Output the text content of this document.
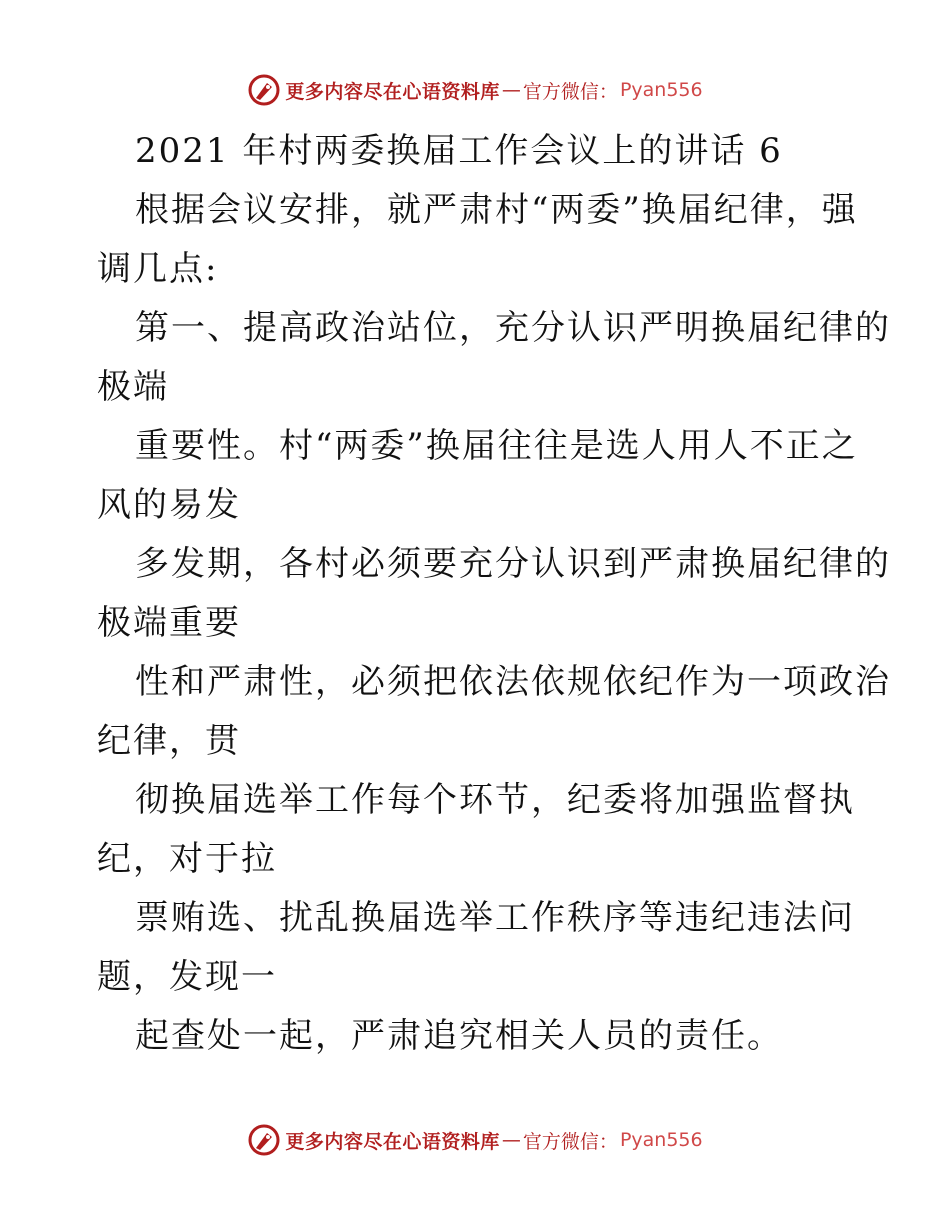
更多内容尽在心语资料库 — 官方微信： Pyan556
2021 年村两委换届工作会议上的讲话 6
根据会议安排，就严肃村“两委”换届纪律，强
调几点:
第一、提高政治站位，充分认识严明换届纪律的
极端
重要性。村“两委”换届往往是选人用人不正之
风的易发
多发期，各村必须要充分认识到严肃换届纪律的
极端重要
性和严肃性，必须把依法依规依纪作为一项政治
纪律，贯
彻换届选举工作每个环节，纪委将加强监督执
纪，对于拉
票贿选、扰乱换届选举工作秩序等违纪违法问
题，发现一
起查处一起，严肃追究相关人员的责任。
更多内容尽在心语资料库 — 官方微信： Pyan556
